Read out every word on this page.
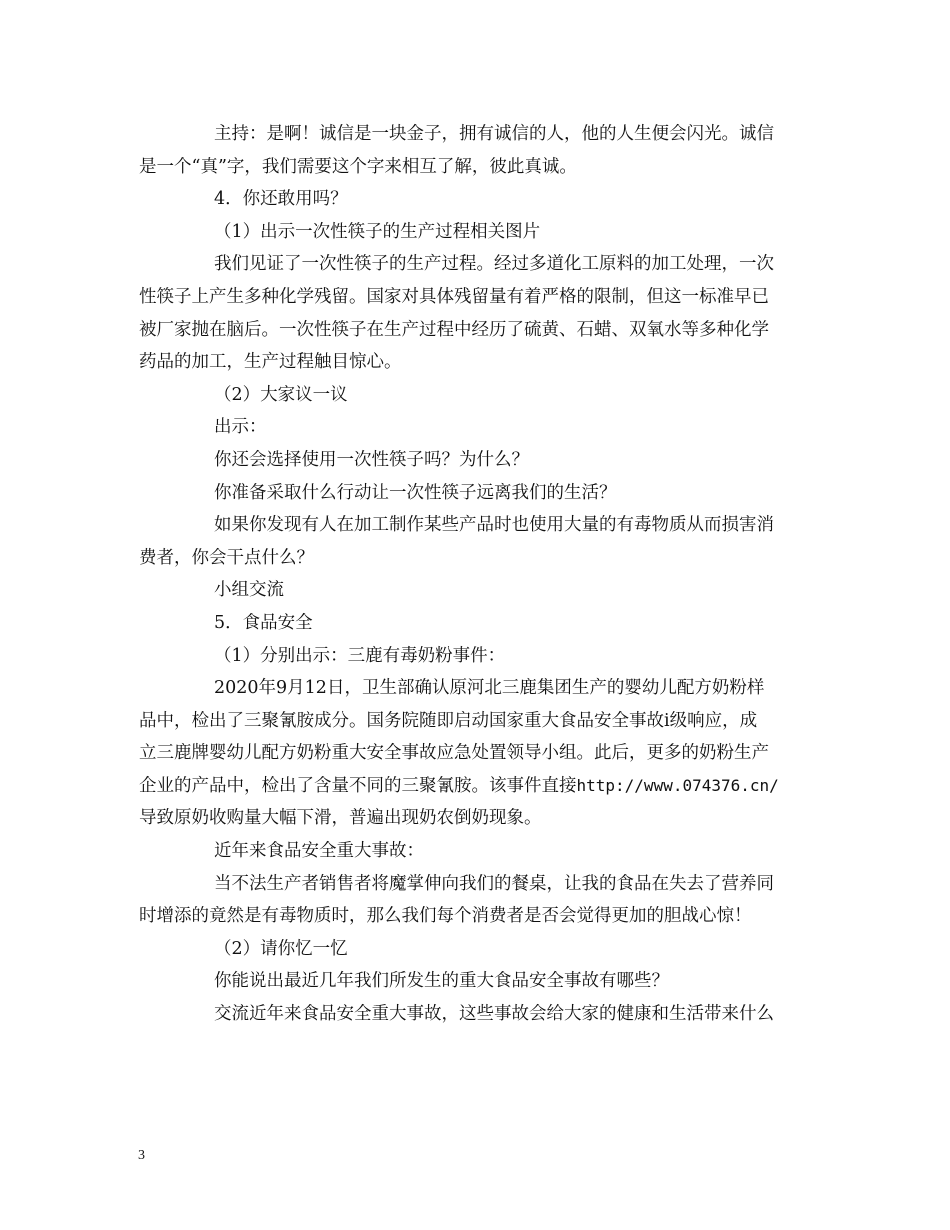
主持：是啊！诚信是一块金子，拥有诚信的人，他的人生便会闪光。诚信
是一个“真”字，我们需要这个字来相互了解，彼此真诚。

4．你还敢用吗？

（1）出示一次性筷子的生产过程相关图片

我们见证了一次性筷子的生产过程。经过多道化工原料的加工处理，一次
性筷子上产生多种化学残留。国家对具体残留量有着严格的限制，但这一标准早已
被厂家抛在脑后。一次性筷子在生产过程中经历了硫黄、石蜡、双氧水等多种化学
药品的加工，生产过程触目惊心。

（2）大家议一议

出示：

你还会选择使用一次性筷子吗？为什么？

你准备采取什么行动让一次性筷子远离我们的生活？

如果你发现有人在加工制作某些产品时也使用大量的有毒物质从而损害消
费者，你会干点什么？

小组交流

5．食品安全

（1）分别出示：三鹿有毒奶粉事件：

2020年9月12日，卫生部确认原河北三鹿集团生产的婴幼儿配方奶粉样
品中，检出了三聚氰胺成分。国务院随即启动国家重大食品安全事故ⅰ级响应，成
立三鹿牌婴幼儿配方奶粉重大安全事故应急处置领导小组。此后，更多的奶粉生产
企业的产品中，检出了含量不同的三聚氰胺。该事件直接http://www.074376.cn/
导致原奶收购量大幅下滑，普遍出现奶农倒奶现象。

近年来食品安全重大事故：

当不法生产者销售者将魔掌伸向我们的餐桌，让我的食品在失去了营养同
时增添的竟然是有毒物质时，那么我们每个消费者是否会觉得更加的胆战心惊！

（2）请你忆一忆

你能说出最近几年我们所发生的重大食品安全事故有哪些？

交流近年来食品安全重大事故，这些事故会给大家的健康和生活带来什么

3
